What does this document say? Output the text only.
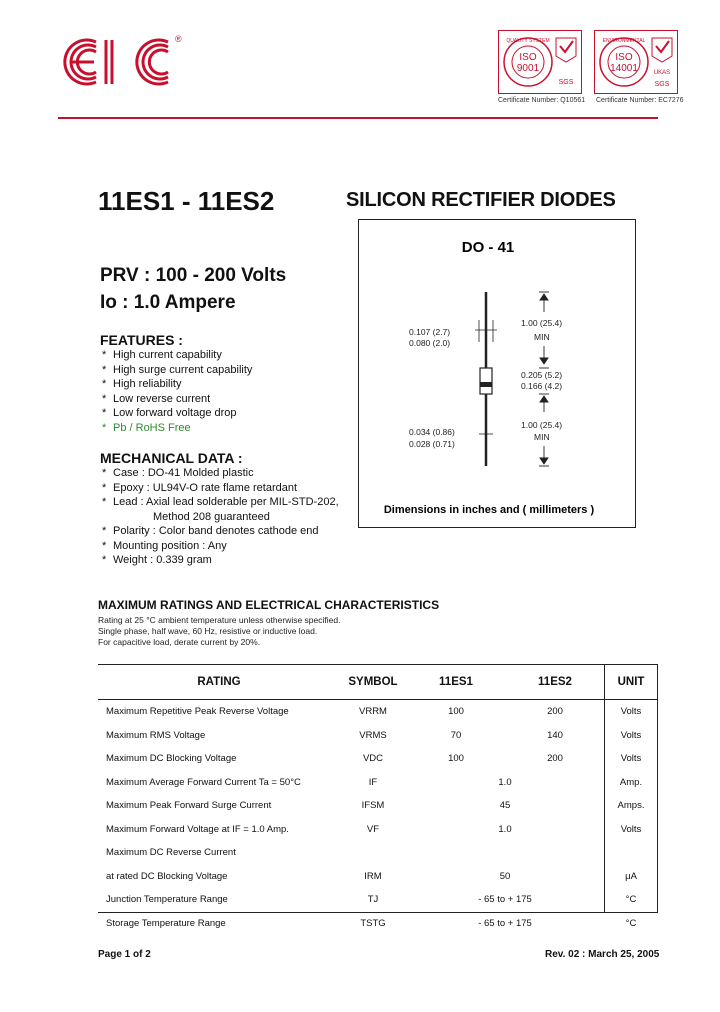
®
ISO
9001
QUALITY SYSTEM
SGS
Certificate Number: Q10561
ISO
14001
ENVIRONMENTAL
UKAS
SGS
Certificate Number: EC7276
11ES1 - 11ES2	SILICON RECTIFIER DIODES
PRV : 100 - 200 Volts
Io : 1.0 Ampere
FEATURES :
* High current capability
* High surge current capability
* High reliability
* Low reverse current
* Low forward voltage drop
* Pb / RoHS Free
MECHANICAL DATA :
* Case : DO-41 Molded plastic
* Epoxy : UL94V-O rate flame retardant
* Lead : Axial lead solderable per MIL-STD-202,
Method 208 guaranteed
* Polarity : Color band denotes cathode end
* Mounting position : Any
* Weight : 0.339 gram
DO - 41
0.107 (2.7)
0.080 (2.0)
1.00 (25.4)
MIN
0.205 (5.2)
0.166 (4.2)
0.034 (0.86)
0.028 (0.71)
1.00 (25.4)
MIN
Dimensions in inches and ( millimeters )
MAXIMUM RATINGS AND ELECTRICAL CHARACTERISTICS
Rating at 25 °C ambient temperature unless otherwise specified.
Single phase, half wave, 60 Hz, resistive or inductive load.
For capacitive load, derate current by 20%.
RATING	SYMBOL	11ES1	11ES2	UNIT
Maximum Repetitive Peak Reverse Voltage	VRRM	100	200	Volts
Maximum RMS Voltage	VRMS	70	140	Volts
Maximum DC Blocking Voltage	VDC	100	200	Volts
Maximum Average Forward Current Ta = 50°C	IF	1.0		Amp.
Maximum Peak Forward Surge Current	IFSM	45		Amps.
Maximum Forward Voltage at IF = 1.0 Amp.	VF	1.0		Volts
Maximum DC Reverse Current				
at rated DC Blocking Voltage	IRM	50		μA
Junction Temperature Range	TJ	- 65 to + 175		°C
Storage Temperature Range	TSTG	- 65 to + 175		°C
Page 1 of 2	Rev. 02 : March 25, 2005
